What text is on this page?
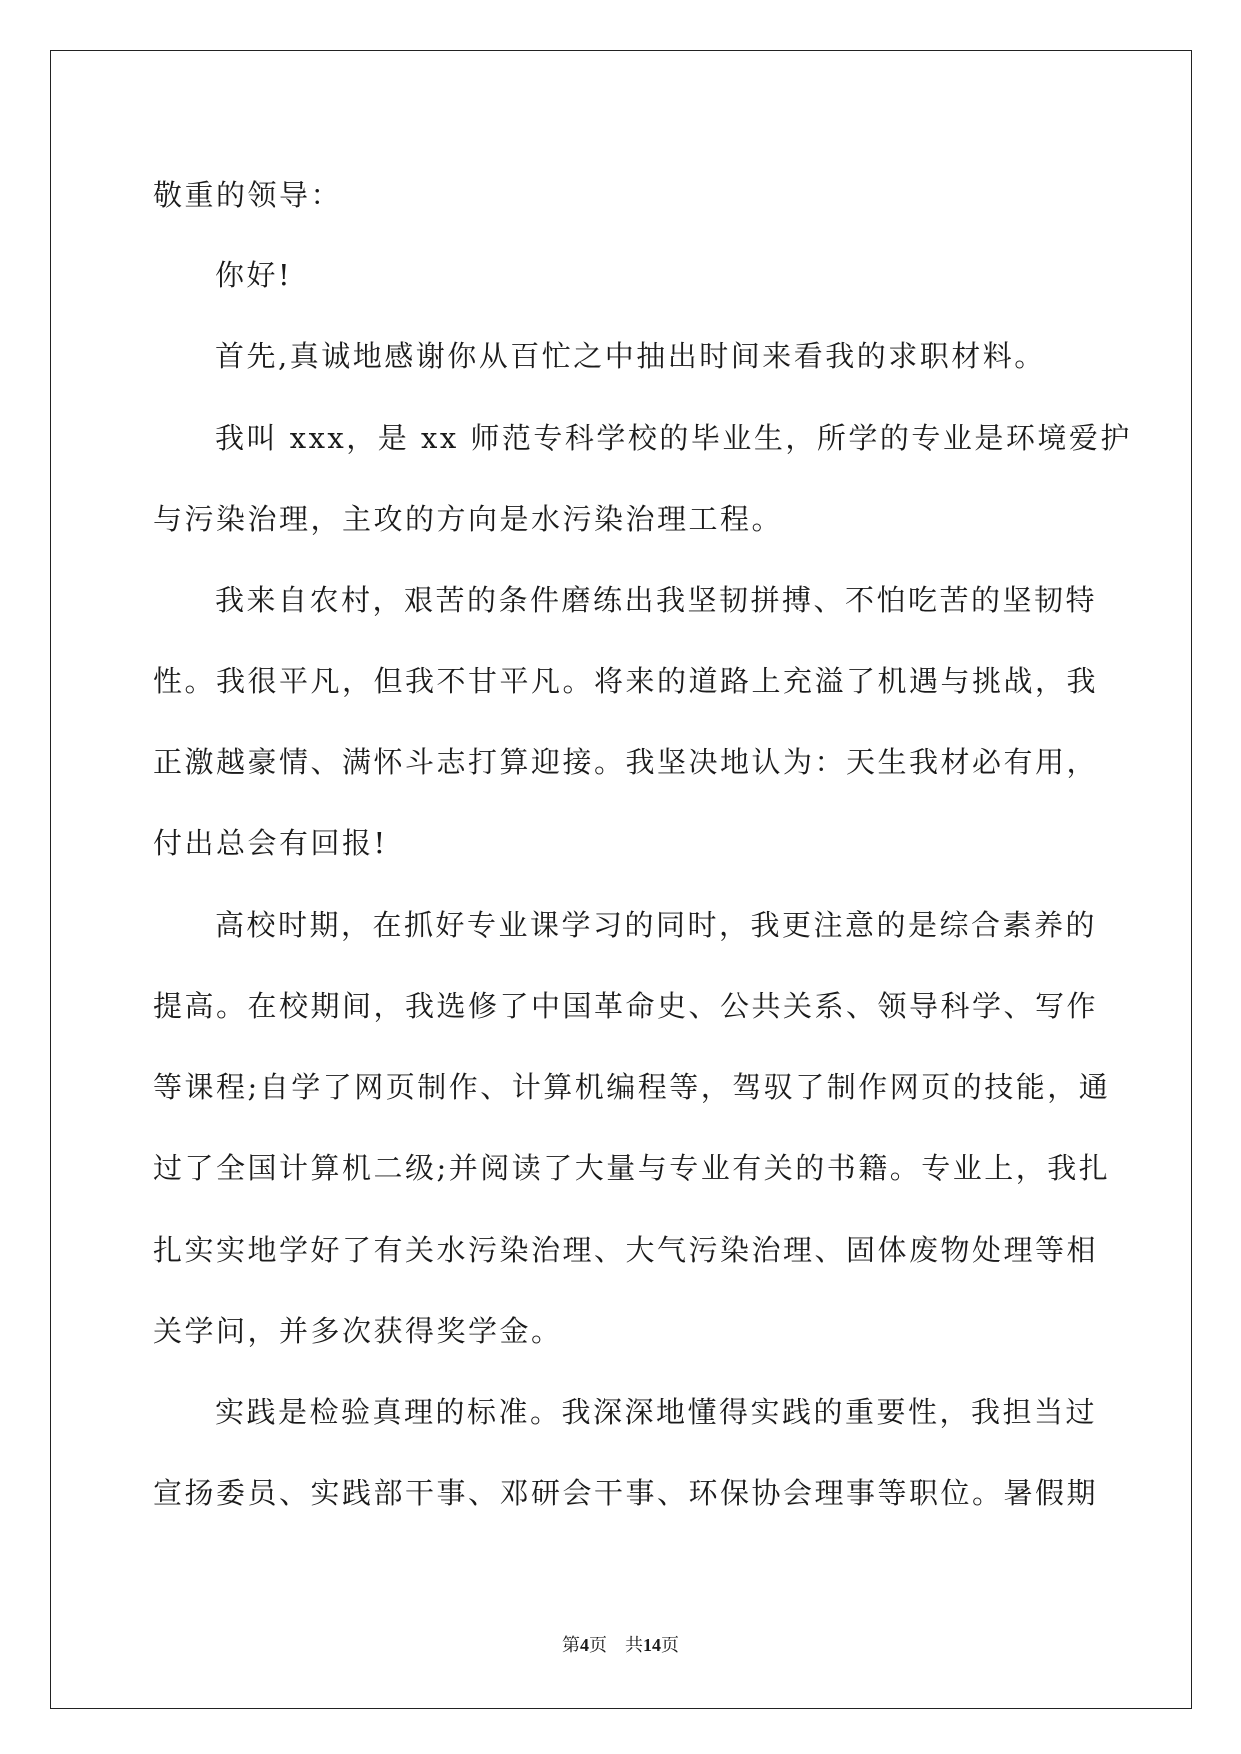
敬重的领导：
你好!
首先,真诚地感谢你从百忙之中抽出时间来看我的求职材料。
我叫 xxx，是 xx 师范专科学校的毕业生，所学的专业是环境爱护
与污染治理，主攻的方向是水污染治理工程。
我来自农村，艰苦的条件磨练出我坚韧拼搏、不怕吃苦的坚韧特
性。我很平凡，但我不甘平凡。将来的道路上充溢了机遇与挑战，我
正激越豪情、满怀斗志打算迎接。我坚决地认为：天生我材必有用，
付出总会有回报!
高校时期，在抓好专业课学习的同时，我更注意的是综合素养的
提高。在校期间，我选修了中国革命史、公共关系、领导科学、写作
等课程;自学了网页制作、计算机编程等，驾驭了制作网页的技能，通
过了全国计算机二级;并阅读了大量与专业有关的书籍。专业上，我扎
扎实实地学好了有关水污染治理、大气污染治理、固体废物处理等相
关学问，并多次获得奖学金。
实践是检验真理的标准。我深深地懂得实践的重要性，我担当过
宣扬委员、实践部干事、邓研会干事、环保协会理事等职位。暑假期
第4页 共14页
